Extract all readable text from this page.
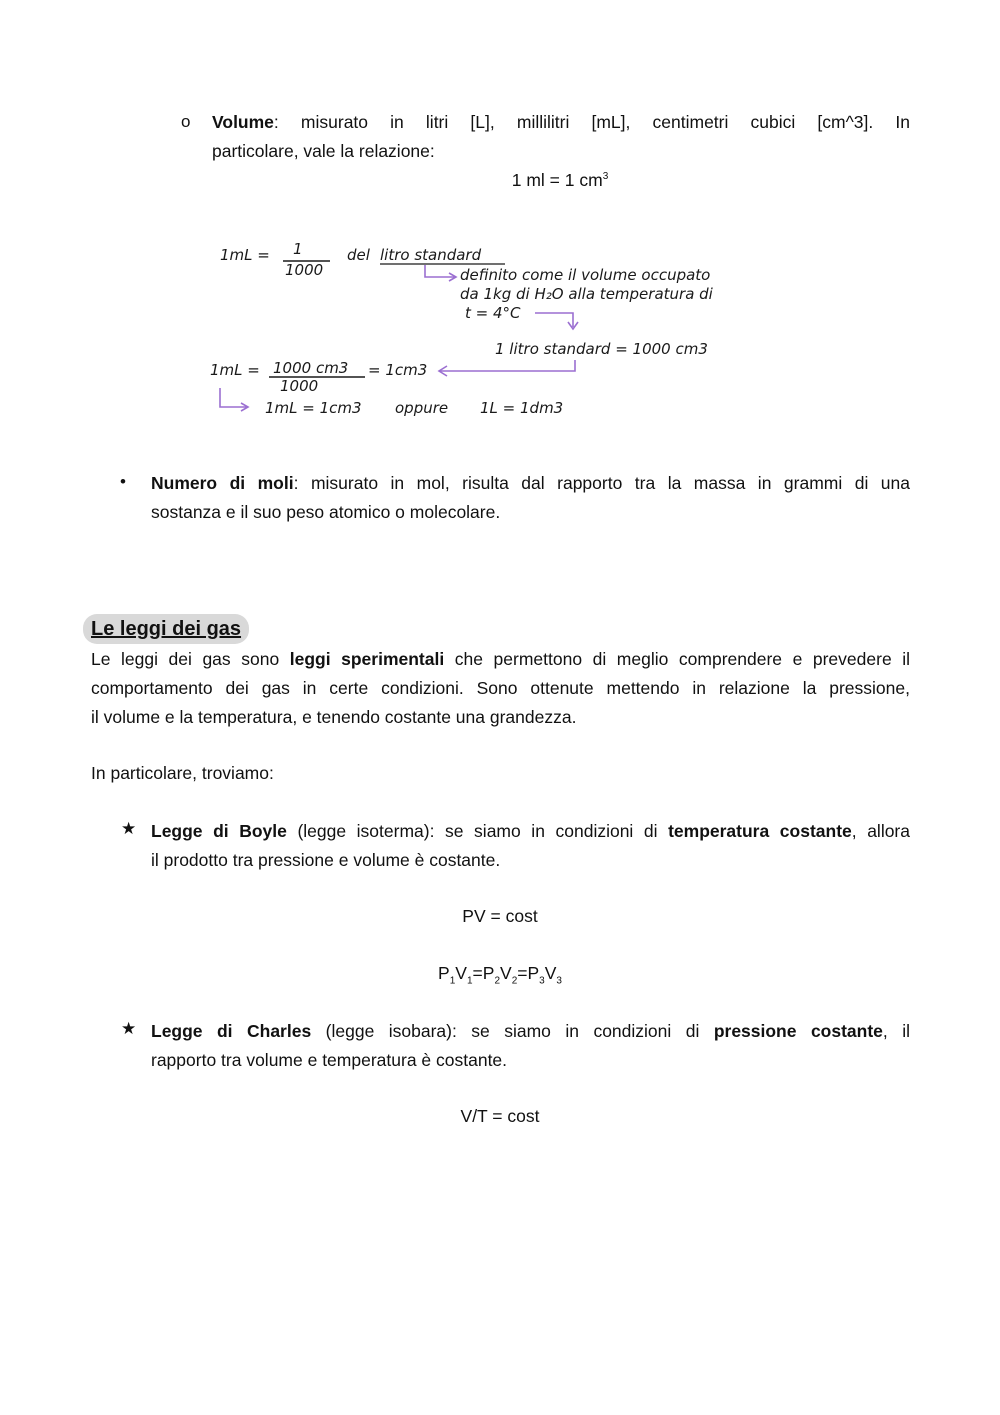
o Volume: misurato in litri [L], millilitri [mL], centimetri cubici [cm^3]. In
particolare, vale la relazione:
1 ml = 1 $cm^3$
1mL = 1
1000
del litro standard
definito come il volume occupato
da 1kg di H₂O alla temperatura di
t = 4°C
1 litro standard = 1000 cm3
1mL = 1000 cm3
1000
= 1cm3
1mL = 1cm3 oppure 1L = 1dm3
• Numero di moli: misurato in mol, risulta dal rapporto tra la massa in grammi di una
sostanza e il suo peso atomico o molecolare.
Le leggi dei gas
Le leggi dei gas sono leggi sperimentali che permettono di meglio comprendere e prevedere il
comportamento dei gas in certe condizioni. Sono ottenute mettendo in relazione la pressione,
il volume e la temperatura, e tenendo costante una grandezza.
In particolare, troviamo:
★ Legge di Boyle (legge isoterma): se siamo in condizioni di temperatura costante, allora
il prodotto tra pressione e volume è costante.
PV = cost
$P_1V_1=P_2V_2=P_3V_3$
★ Legge di Charles (legge isobara): se siamo in condizioni di pressione costante, il
rapporto tra volume e temperatura è costante.
V/T = cost
